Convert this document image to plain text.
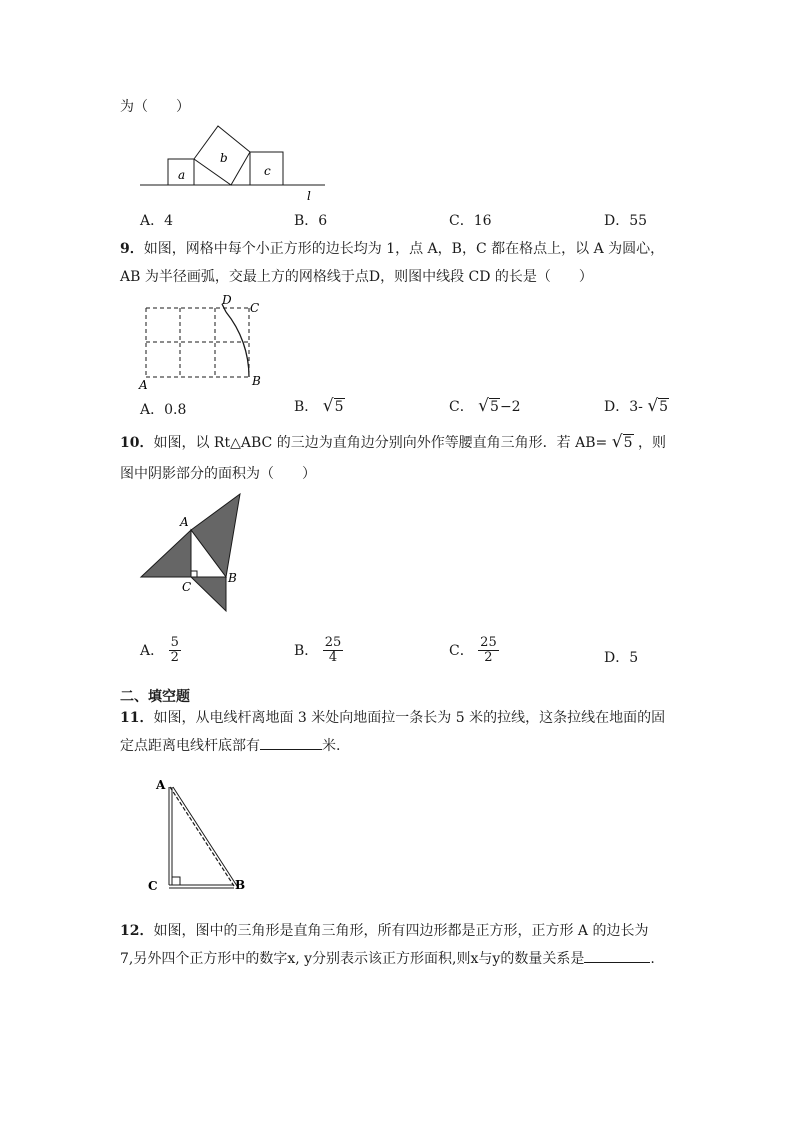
为（　　）
a
b
c
l
A．4	B．6	C．16	D．55
9．如图，网格中每个小正方形的边长均为 1，点 A，B，C 都在格点上，以 A 为圆心，
AB 为半径画弧，交最上方的网格线于点D，则图中线段 CD 的长是（　　）
A	B
C
D
A．0.8	B． √5	C． √5−2	D．3- √5
10．如图，以 Rt△ABC 的三边为直角边分别向外作等腰直角三角形．若 AB= √5 ，则
图中阴影部分的面积为（　　）
A
B
C
A． $\frac{5}{2}$	B． $\frac{25}{4}$	C． $\frac{25}{2}$	D．5
二、填空题
11．如图，从电线杆离地面 3 米处向地面拉一条长为 5 米的拉线，这条拉线在地面的固
定点距离电线杆底部有	米.
A
B
C
12．如图，图中的三角形是直角三角形，所有四边形都是正方形，正方形 A 的边长为
7,另外四个正方形中的数字x, y分别表示该正方形面积,则x与y的数量关系是	.
